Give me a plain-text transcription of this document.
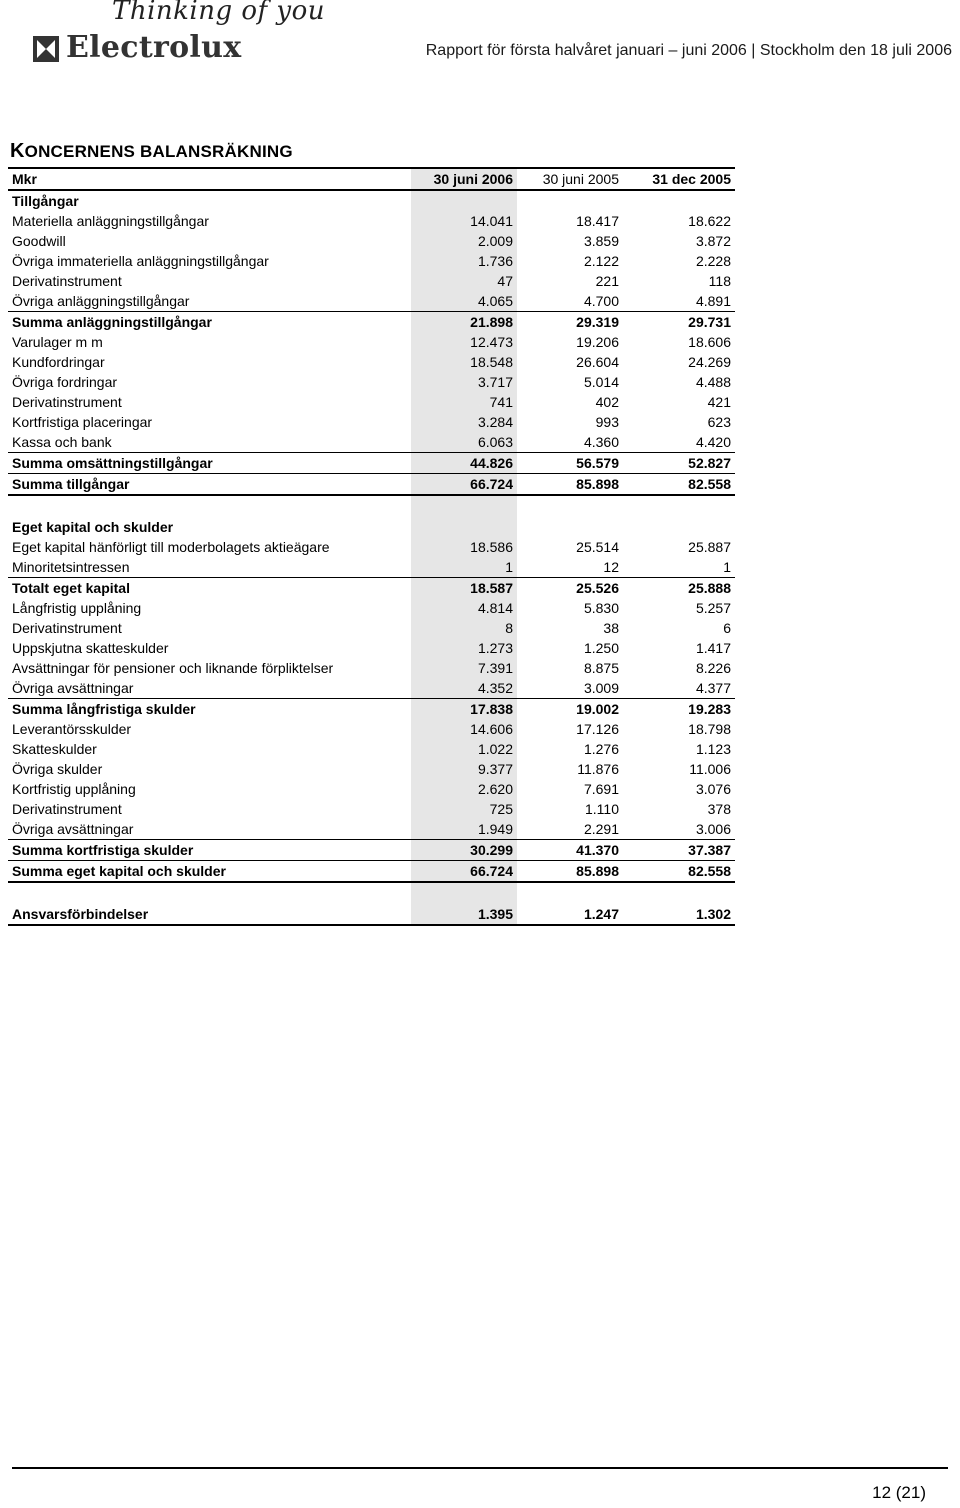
Thinking of you
Electrolux	Rapport för första halvåret januari – juni 2006 | Stockholm den 18 juli 2006
KONCERNENS BALANSRÄKNING
Mkr	30 juni 2006	30 juni 2005	31 dec 2005
Tillgångar			
Materiella anläggningstillgångar	14.041	18.417	18.622
Goodwill	2.009	3.859	3.872
Övriga immateriella anläggningstillgångar	1.736	2.122	2.228
Derivatinstrument	47	221	118
Övriga anläggningstillgångar	4.065	4.700	4.891
Summa anläggningstillgångar	21.898	29.319	29.731
Varulager m m	12.473	19.206	18.606
Kundfordringar	18.548	26.604	24.269
Övriga fordringar	3.717	5.014	4.488
Derivatinstrument	741	402	421
Kortfristiga placeringar	3.284	993	623
Kassa och bank	6.063	4.360	4.420
Summa omsättningstillgångar	44.826	56.579	52.827
Summa tillgångar	66.724	85.898	82.558

Eget kapital och skulder			
Eget kapital hänförligt till moderbolagets aktieägare	18.586	25.514	25.887
Minoritetsintressen	1	12	1
Totalt eget kapital	18.587	25.526	25.888
Långfristig upplåning	4.814	5.830	5.257
Derivatinstrument	8	38	6
Uppskjutna skatteskulder	1.273	1.250	1.417
Avsättningar för pensioner och liknande förpliktelser	7.391	8.875	8.226
Övriga avsättningar	4.352	3.009	4.377
Summa långfristiga skulder	17.838	19.002	19.283
Leverantörsskulder	14.606	17.126	18.798
Skatteskulder	1.022	1.276	1.123
Övriga skulder	9.377	11.876	11.006
Kortfristig upplåning	2.620	7.691	3.076
Derivatinstrument	725	1.110	378
Övriga avsättningar	1.949	2.291	3.006
Summa kortfristiga skulder	30.299	41.370	37.387
Summa eget kapital och skulder	66.724	85.898	82.558

Ansvarsförbindelser	1.395	1.247	1.302
12 (21)
